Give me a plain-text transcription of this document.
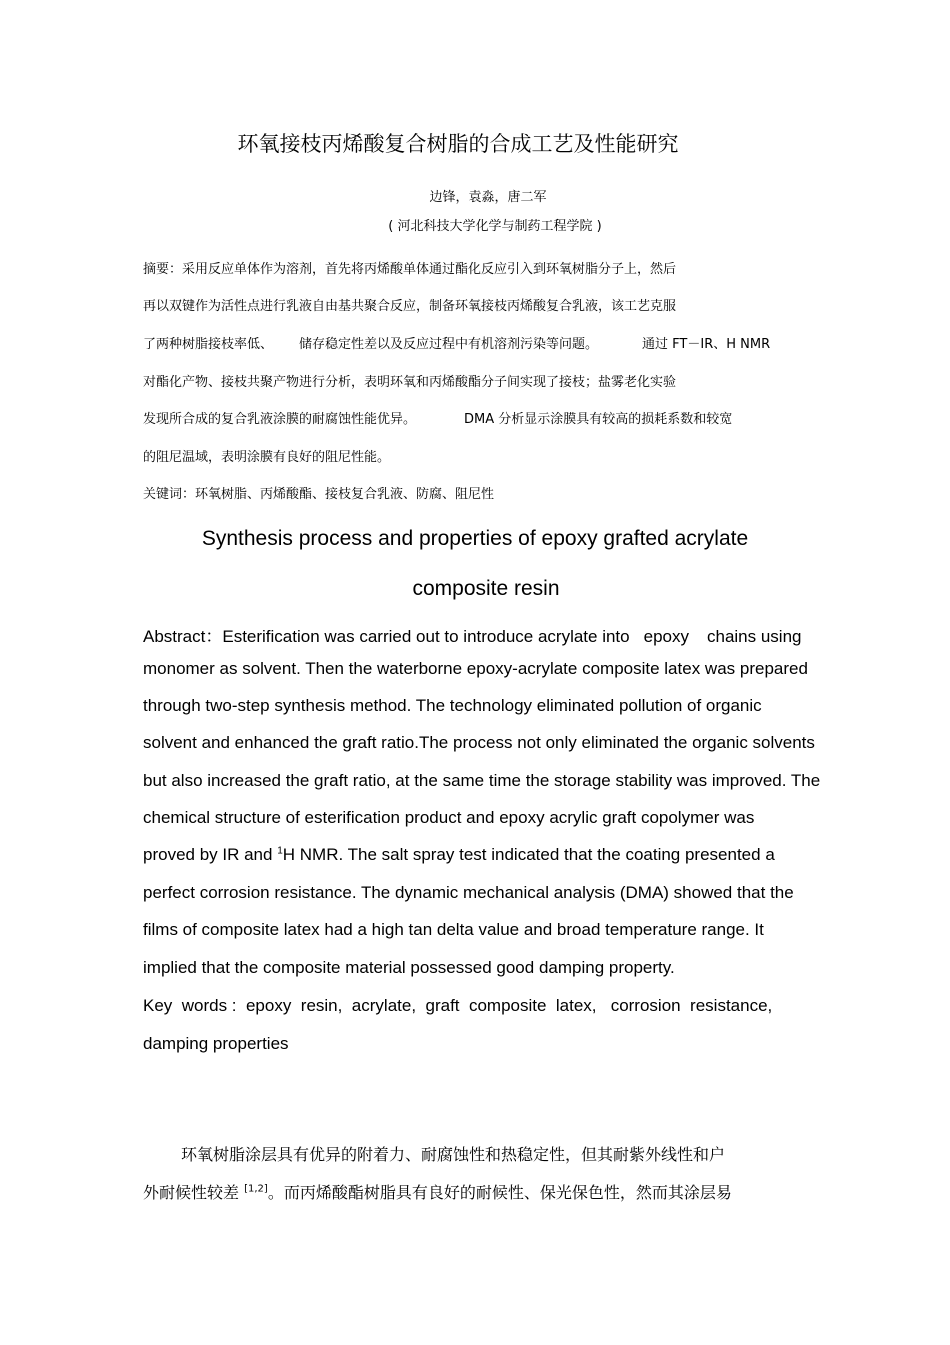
环氧接枝丙烯酸复合树脂的合成工艺及性能研究
边锋，袁淼，唐二军
( 河北科技大学化学与制药工程学院 )
摘要：采用反应单体作为溶剂，首先将丙烯酸单体通过酯化反应引入到环氧树脂分子上，然后
再以双键作为活性点进行乳液自由基共聚合反应，制备环氧接枝丙烯酸复合乳液，该工艺克服
了两种树脂接枝率低、 储存稳定性差以及反应过程中有机溶剂污染等问题。	通过 FT－IR、H NMR
对酯化产物、接枝共聚产物进行分析，表明环氧和丙烯酸酯分子间实现了接枝；盐雾老化实验
发现所合成的复合乳液涂膜的耐腐蚀性能优异。	DMA 分析显示涂膜具有较高的损耗系数和较宽
的阻尼温域，表明涂膜有良好的阻尼性能。
关键词：环氧树脂、丙烯酸酯、接枝复合乳液、防腐、阻尼性
Synthesis process and properties of epoxy grafted acrylate
composite resin
Abstract：Esterification was carried out to introduce acrylate into epoxy chains using
monomer as solvent. Then the waterborne epoxy-acrylate composite latex was prepared
through two-step synthesis method. The technology eliminated pollution of organic
solvent and enhanced the graft ratio.The process not only eliminated the organic solvents
but also increased the graft ratio, at the same time the storage stability was improved. The
chemical structure of esterification product and epoxy acrylic graft copolymer was
proved by IR and $^1$H NMR. The salt spray test indicated that the coating presented a
perfect corrosion resistance. The dynamic mechanical analysis (DMA) showed that the
films of composite latex had a high tan delta value and broad temperature range. It
implied that the composite material possessed good damping property.
Key  words :  epoxy  resin,  acrylate,  graft  composite  latex,   corrosion  resistance,
damping properties
环氧树脂涂层具有优异的附着力、耐腐蚀性和热稳定性，但其耐紫外线性和户
外耐候性较差 [1,2]。而丙烯酸酯树脂具有良好的耐候性、保光保色性，然而其涂层易
